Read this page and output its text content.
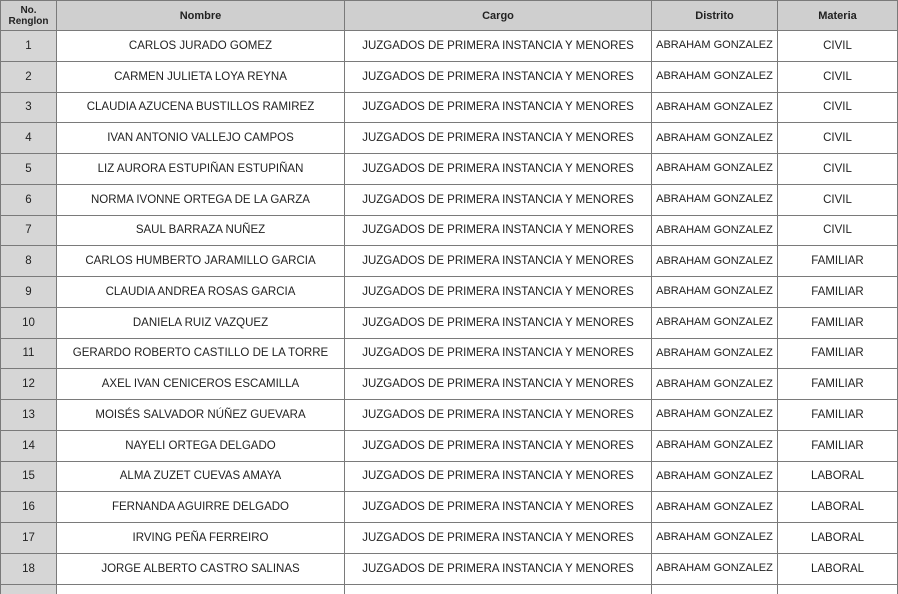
No. Renglon	Nombre	Cargo	Distrito	Materia
1	CARLOS JURADO GOMEZ	JUZGADOS DE PRIMERA INSTANCIA Y MENORES	ABRAHAM GONZALEZ	CIVIL
2	CARMEN JULIETA LOYA REYNA	JUZGADOS DE PRIMERA INSTANCIA Y MENORES	ABRAHAM GONZALEZ	CIVIL
3	CLAUDIA AZUCENA BUSTILLOS RAMIREZ	JUZGADOS DE PRIMERA INSTANCIA Y MENORES	ABRAHAM GONZALEZ	CIVIL
4	IVAN ANTONIO VALLEJO CAMPOS	JUZGADOS DE PRIMERA INSTANCIA Y MENORES	ABRAHAM GONZALEZ	CIVIL
5	LIZ AURORA ESTUPIÑAN ESTUPIÑAN	JUZGADOS DE PRIMERA INSTANCIA Y MENORES	ABRAHAM GONZALEZ	CIVIL
6	NORMA IVONNE ORTEGA DE LA GARZA	JUZGADOS DE PRIMERA INSTANCIA Y MENORES	ABRAHAM GONZALEZ	CIVIL
7	SAUL BARRAZA NUÑEZ	JUZGADOS DE PRIMERA INSTANCIA Y MENORES	ABRAHAM GONZALEZ	CIVIL
8	CARLOS HUMBERTO JARAMILLO GARCIA	JUZGADOS DE PRIMERA INSTANCIA Y MENORES	ABRAHAM GONZALEZ	FAMILIAR
9	CLAUDIA ANDREA ROSAS GARCIA	JUZGADOS DE PRIMERA INSTANCIA Y MENORES	ABRAHAM GONZALEZ	FAMILIAR
10	DANIELA RUIZ VAZQUEZ	JUZGADOS DE PRIMERA INSTANCIA Y MENORES	ABRAHAM GONZALEZ	FAMILIAR
11	GERARDO ROBERTO CASTILLO DE LA TORRE	JUZGADOS DE PRIMERA INSTANCIA Y MENORES	ABRAHAM GONZALEZ	FAMILIAR
12	AXEL IVAN CENICEROS ESCAMILLA	JUZGADOS DE PRIMERA INSTANCIA Y MENORES	ABRAHAM GONZALEZ	FAMILIAR
13	MOISÉS SALVADOR NÚÑEZ GUEVARA	JUZGADOS DE PRIMERA INSTANCIA Y MENORES	ABRAHAM GONZALEZ	FAMILIAR
14	NAYELI ORTEGA DELGADO	JUZGADOS DE PRIMERA INSTANCIA Y MENORES	ABRAHAM GONZALEZ	FAMILIAR
15	ALMA ZUZET CUEVAS AMAYA	JUZGADOS DE PRIMERA INSTANCIA Y MENORES	ABRAHAM GONZALEZ	LABORAL
16	FERNANDA AGUIRRE DELGADO	JUZGADOS DE PRIMERA INSTANCIA Y MENORES	ABRAHAM GONZALEZ	LABORAL
17	IRVING PEÑA FERREIRO	JUZGADOS DE PRIMERA INSTANCIA Y MENORES	ABRAHAM GONZALEZ	LABORAL
18	JORGE ALBERTO CASTRO SALINAS	JUZGADOS DE PRIMERA INSTANCIA Y MENORES	ABRAHAM GONZALEZ	LABORAL
